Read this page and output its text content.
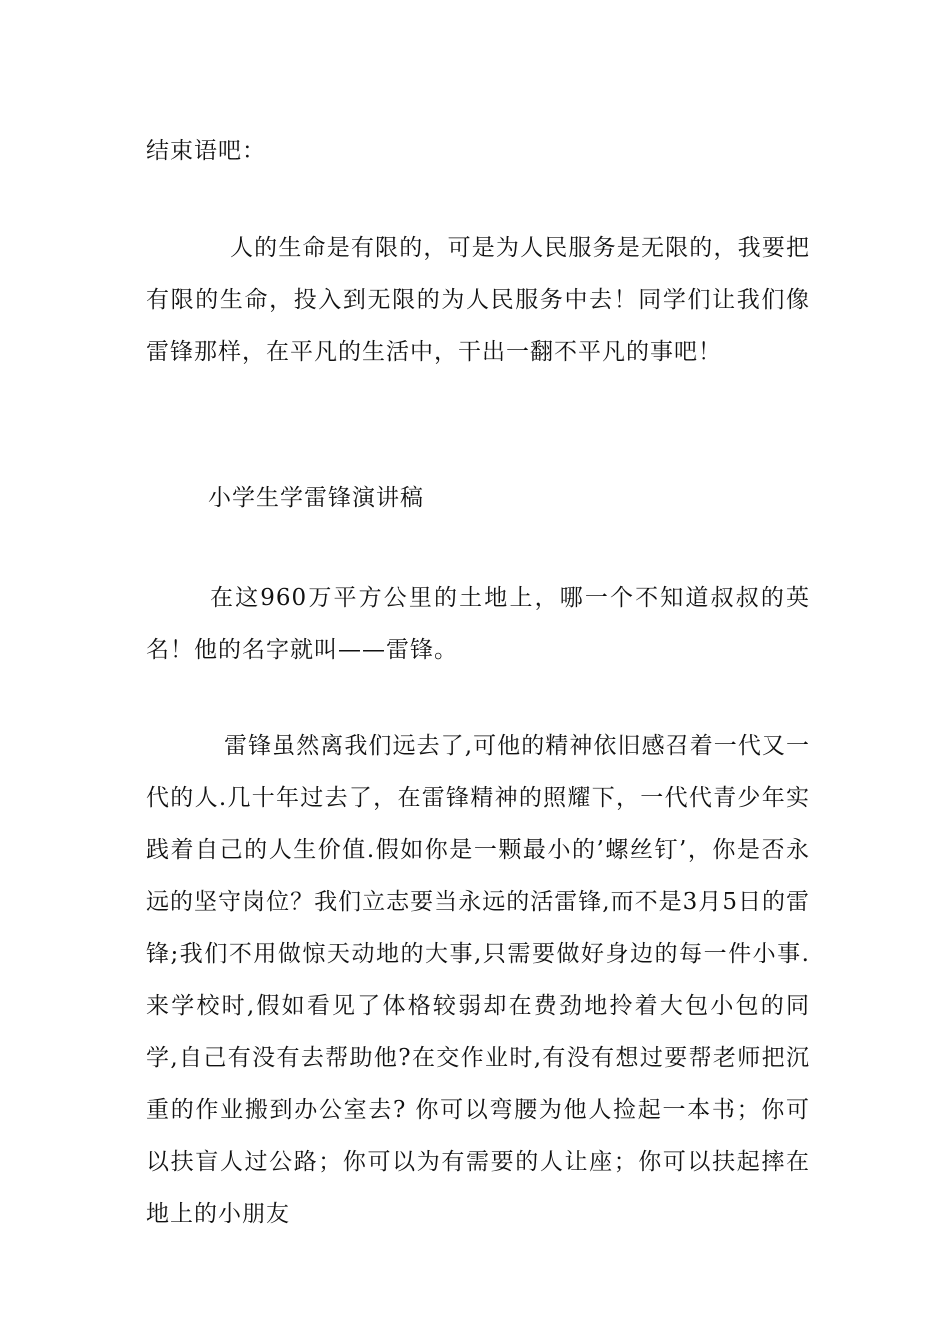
结束语吧：

人的生命是有限的，可是为人民服务是无限的，我要把有限的生命，投入到无限的为人民服务中去！同学们让我们像雷锋那样，在平凡的生活中，干出一翻不平凡的事吧！

小学生学雷锋演讲稿

在这960万平方公里的土地上，哪一个不知道叔叔的英名！他的名字就叫——雷锋。

雷锋虽然离我们远去了,可他的精神依旧感召着一代又一代的人.几十年过去了，在雷锋精神的照耀下，一代代青少年实践着自己的人生价值.假如你是一颗最小的’螺丝钉’，你是否永远的坚守岗位？我们立志要当永远的活雷锋,而不是3月5日的雷锋;我们不用做惊天动地的大事,只需要做好身边的每一件小事.来学校时,假如看见了体格较弱却在费劲地拎着大包小包的同学,自己有没有去帮助他?在交作业时,有没有想过要帮老师把沉重的作业搬到办公室去? 你可以弯腰为他人捡起一本书；你可以扶盲人过公路；你可以为有需要的人让座；你可以扶起摔在地上的小朋友
